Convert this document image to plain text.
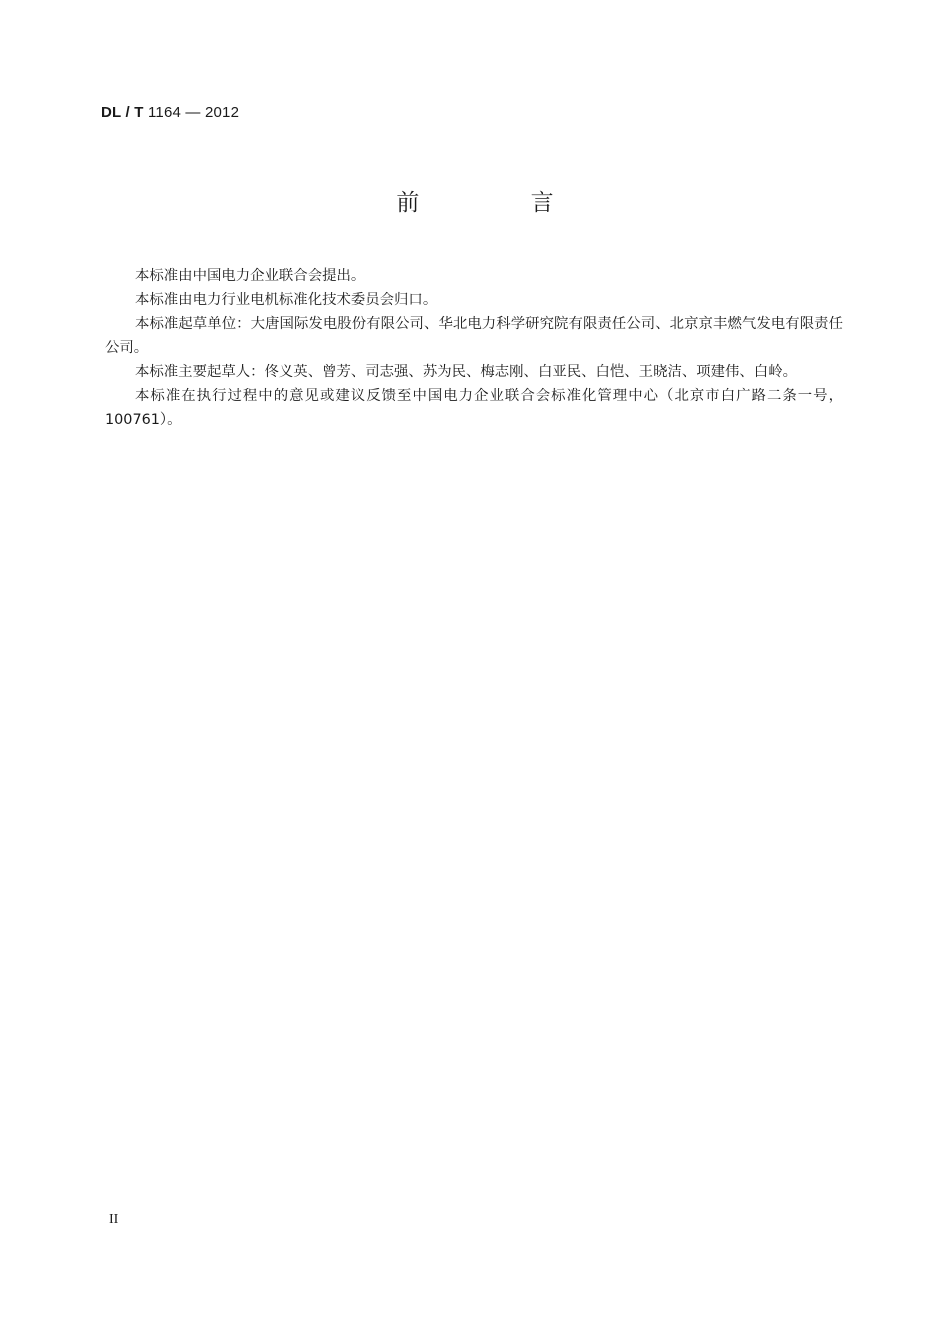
DL / T 1164 — 2012
前 言

本标准由中国电力企业联合会提出。

本标准由电力行业电机标准化技术委员会归口。

本标准起草单位：大唐国际发电股份有限公司、华北电力科学研究院有限责任公司、北京京丰燃气发电有限责任公司。

本标准主要起草人：佟义英、曾芳、司志强、苏为民、梅志刚、白亚民、白恺、王晓洁、项建伟、白岭。

本标准在执行过程中的意见或建议反馈至中国电力企业联合会标准化管理中心（北京市白广路二条一号，100761）。

II
